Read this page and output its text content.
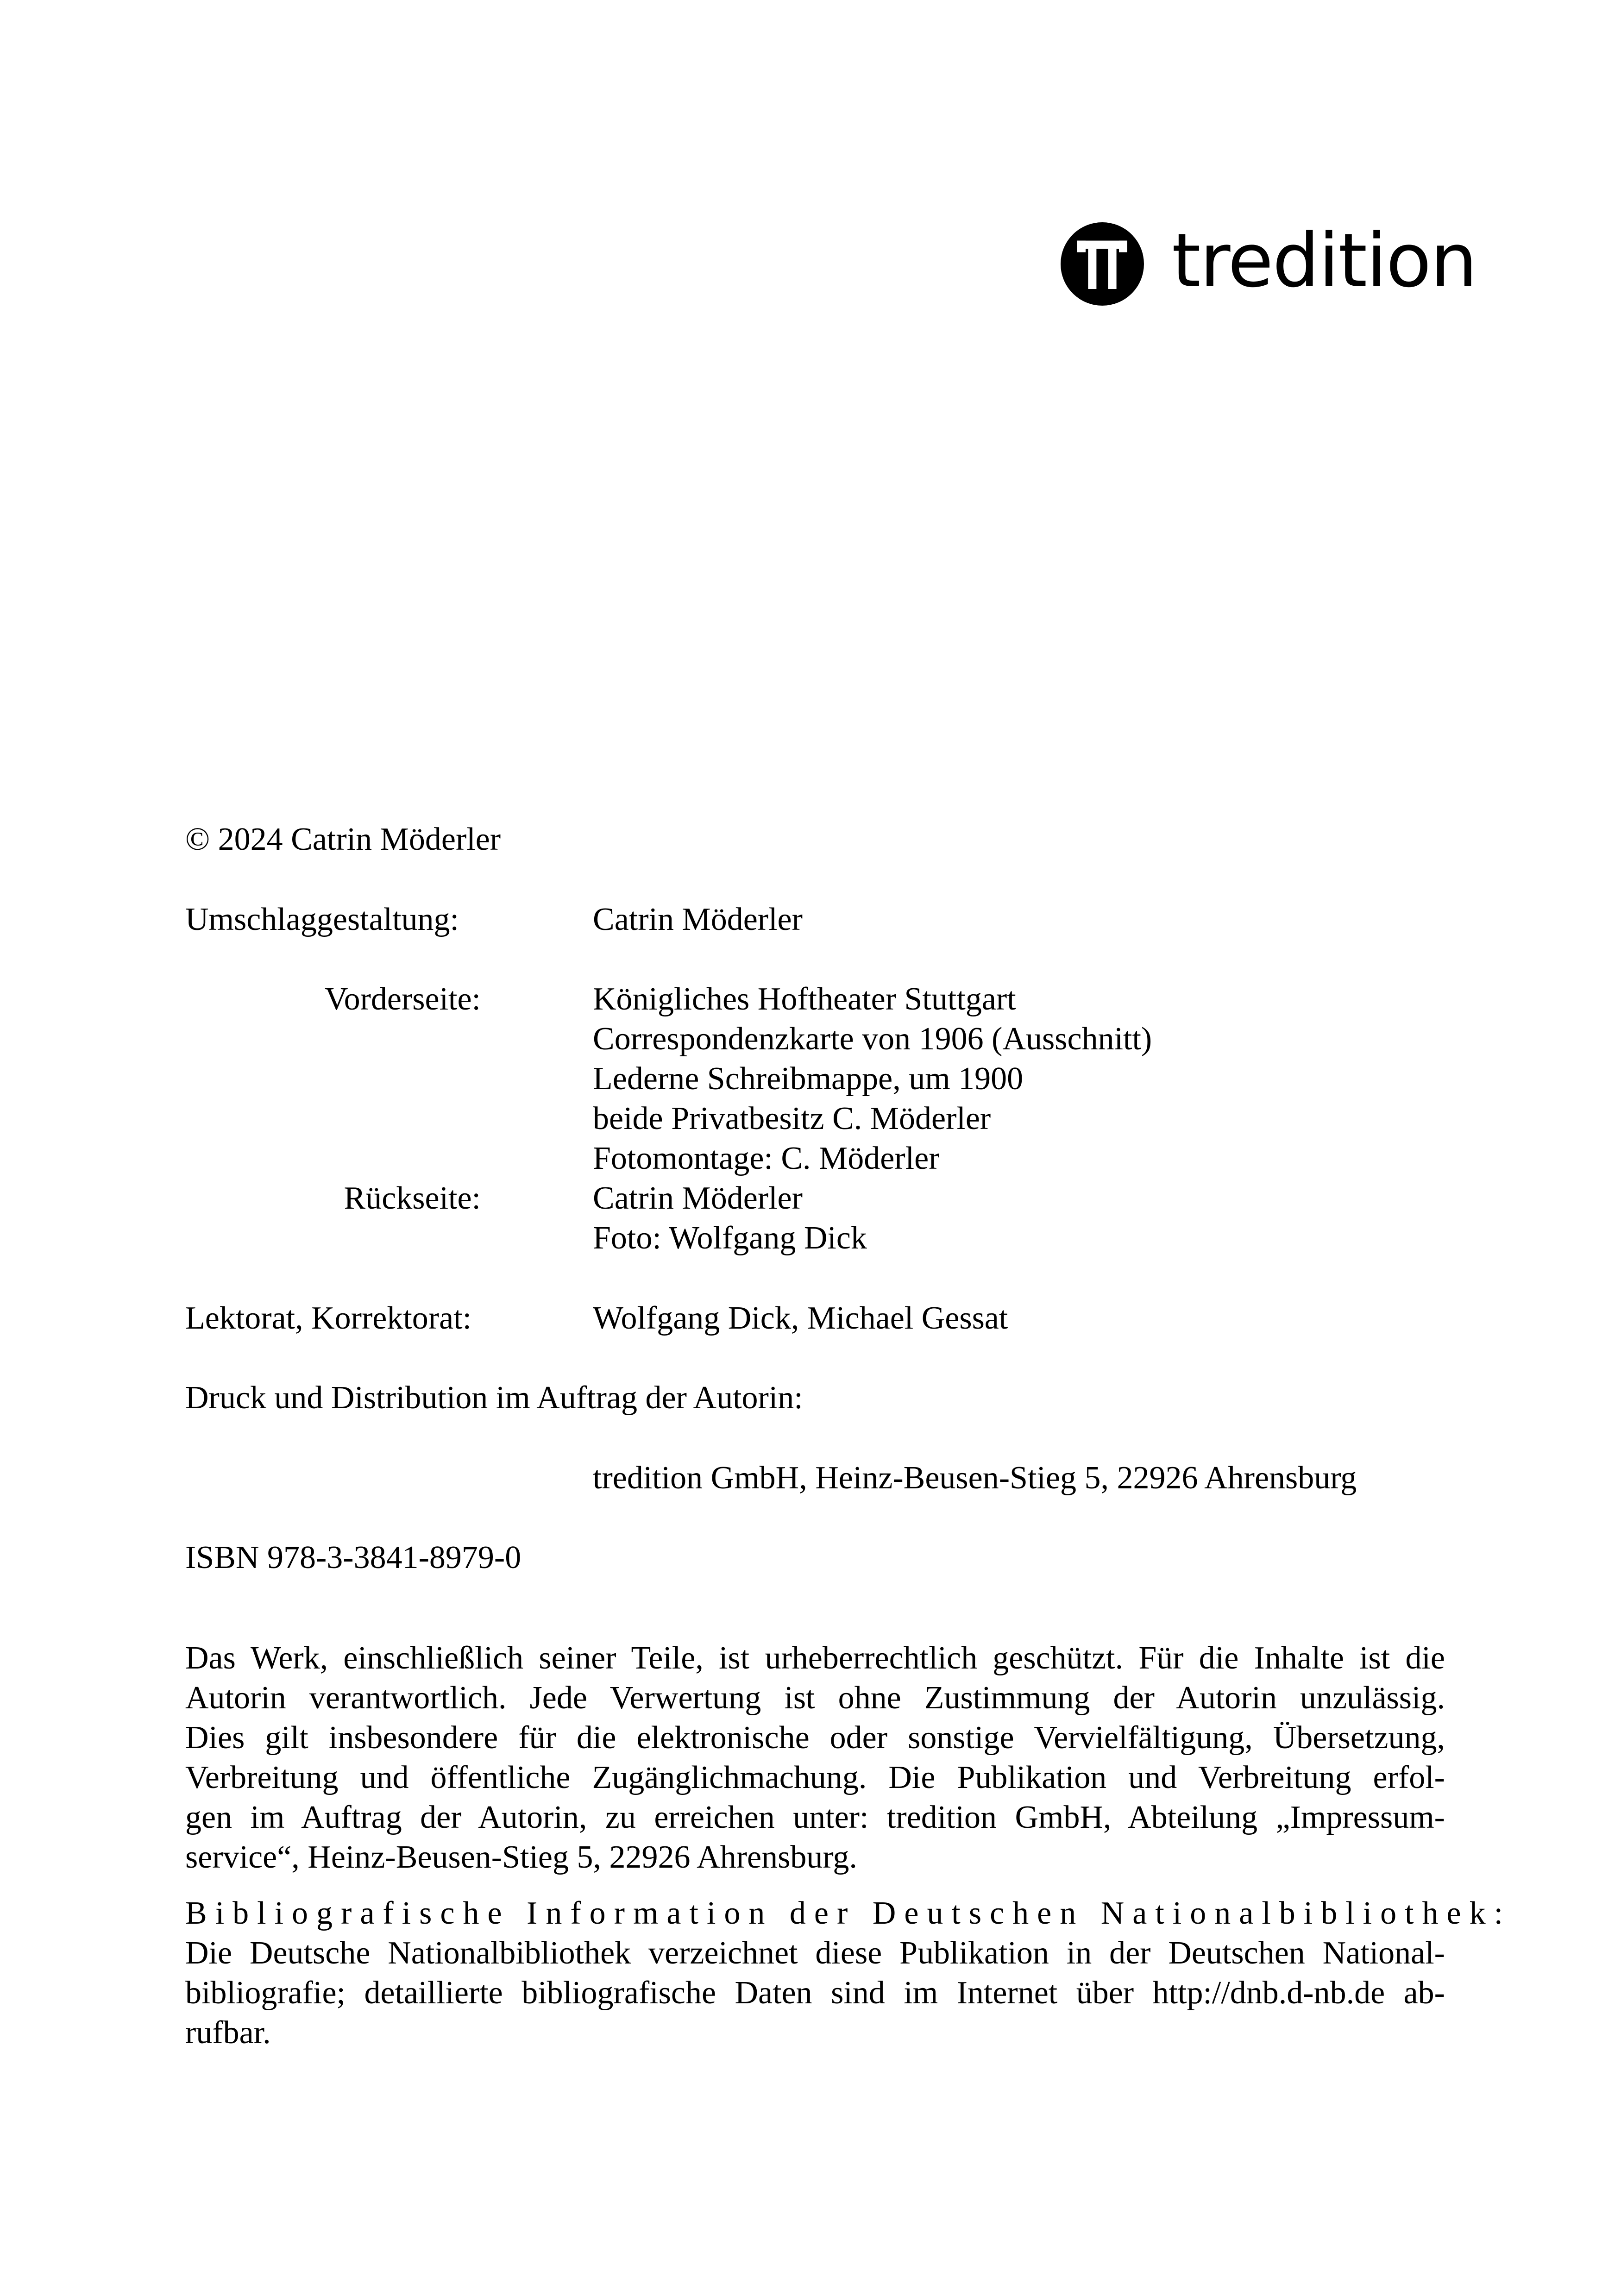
tredition
© 2024 Catrin Möderler
Umschlaggestaltung:	Catrin Möderler
Vorderseite:	Königliches Hoftheater Stuttgart
Correspondenzkarte von 1906 (Ausschnitt)
Lederne Schreibmappe, um 1900
beide Privatbesitz C. Möderler
Fotomontage: C. Möderler
Rückseite:	Catrin Möderler
Foto: Wolfgang Dick
Lektorat, Korrektorat:	Wolfgang Dick, Michael Gessat
Druck und Distribution im Auftrag der Autorin:
tredition GmbH, Heinz-Beusen-Stieg 5, 22926 Ahrensburg
ISBN 978-3-3841-8979-0
Das Werk, einschließlich seiner Teile, ist urheberrechtlich geschützt. Für die Inhalte ist die
Autorin verantwortlich. Jede Verwertung ist ohne Zustimmung der Autorin unzulässig.
Dies gilt insbesondere für die elektronische oder sonstige Vervielfältigung, Übersetzung,
Verbreitung und öffentliche Zugänglichmachung. Die Publikation und Verbreitung erfol-
gen im Auftrag der Autorin, zu erreichen unter: tredition GmbH, Abteilung „Impressum-
service“, Heinz-Beusen-Stieg 5, 22926 Ahrensburg.
Bibliografische Information der Deutschen Nationalbibliothek:
Die Deutsche Nationalbibliothek verzeichnet diese Publikation in der Deutschen National-
bibliografie; detaillierte bibliografische Daten sind im Internet über http://dnb.d-nb.de ab-
rufbar.
